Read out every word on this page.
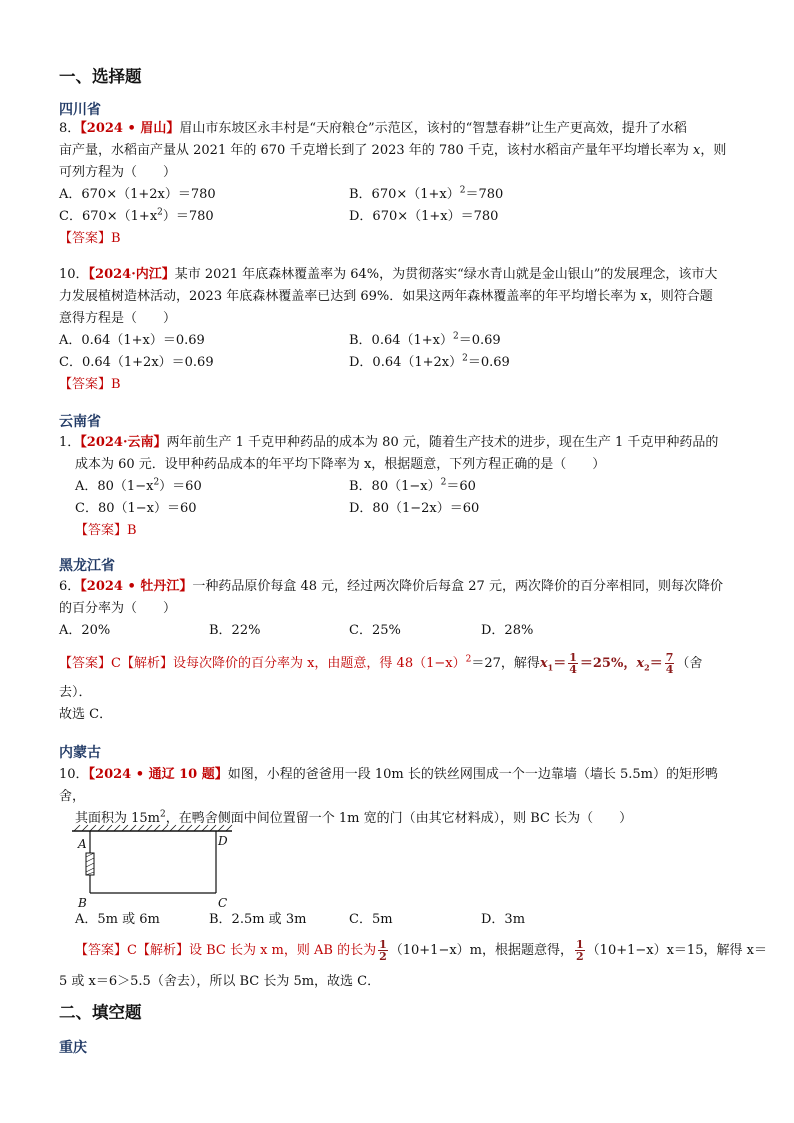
一、选择题
四川省
8．【2024 • 眉山】眉山市东坡区永丰村是“天府粮仓”示范区，该村的“智慧春耕”让生产更高效，提升了水稻
亩产量，水稻亩产量从 2021 年的 670 千克增长到了 2023 年的 780 千克，该村水稻亩产量年平均增长率为 x，则
可列方程为（　　）
A．670×（1+2x）＝780	B．$670\times(1+x)^2=780$
C．$670\times(1+x^2)=780$	D．670×（1+x）＝780
【答案】B
10．【2024·内江】某市 2021 年底森林覆盖率为 64%，为贯彻落实“绿水青山就是金山银山”的发展理念，该市大
力发展植树造林活动，2023 年底森林覆盖率已达到 69%．如果这两年森林覆盖率的年平均增长率为 x，则符合题
意得方程是（　　）
A．0.64（1+x）＝0.69	B．$0.64(1+x)^2=0.69$
C．0.64（1+2x）＝0.69	D．$0.64(1+2x)^2=0.69$
【答案】B
云南省
1．【2024·云南】两年前生产 1 千克甲种药品的成本为 80 元，随着生产技术的进步，现在生产 1 千克甲种药品的
成本为 60 元．设甲种药品成本的年平均下降率为 x，根据题意，下列方程正确的是（　　）
A．$80(1-x^2)=60$	B．$80(1-x)^2=60$
C．80（1−x）＝60	D．80（1−2x）＝60
【答案】B
黑龙江省
6．【2024 • 牡丹江】一种药品原价每盒 48 元，经过两次降价后每盒 27 元，两次降价的百分率相同，则每次降价
的百分率为（　　）
A．20%	B．22%	C．25%	D．28%
【答案】C【解析】设每次降价的百分率为 x，由题意，得 $48(1-x)^2=27$，解得$x_1= \frac{1}{4} =25\%$，$x_2= \frac{7}{4}$ （舍
去）．
故选 C．
内蒙古
10．【2024 • 通辽 10 题】如图，小程的爸爸用一段 10m 长的铁丝网围成一个一边靠墙（墙长 5.5m）的矩形鸭舍，
其面积为 $15m^2$，在鸭舍侧面中间位置留一个 1m 宽的门（由其它材料成），则 BC 长为（　　）
A
B	C
D
A．5m 或 6m	B．2.5m 或 3m	C．5m	D．3m
【答案】C【解析】设 BC 长为 x m，则 AB 的长为 $\frac{1}{2} (10+1-x)m$，根据题意得， $\frac{1}{2} (10+1-x)x=15$，解得 x＝
5 或 x＝6＞5.5（舍去），所以 BC 长为 5m，故选 C．
二、填空题
重庆
